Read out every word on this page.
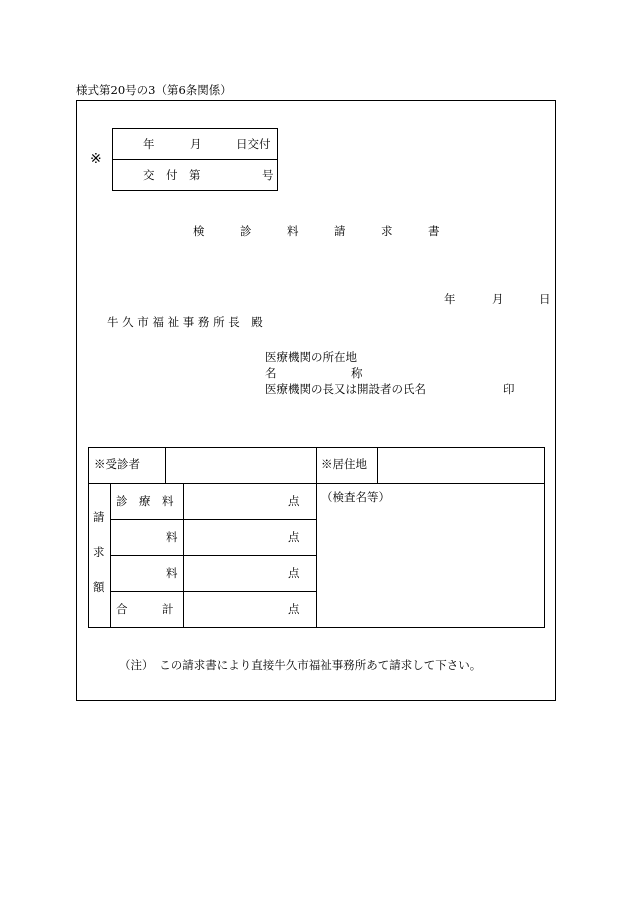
様式第20号の3（第6条関係）
※
年	月	日交付
交　付　第	号
検	診	料	請	求	書
年	月	日
牛 久 市 福 祉 事 務 所 長　殿
医療機関の所在地
名	称
医療機関の長又は開設者の氏名	印
※受診者	※居住地
請
求
額
診　療　料	点
料	点
料	点
合　　　計	点
（検査名等）
（注）　この請求書により直接牛久市福祉事務所あて請求して下さい。
